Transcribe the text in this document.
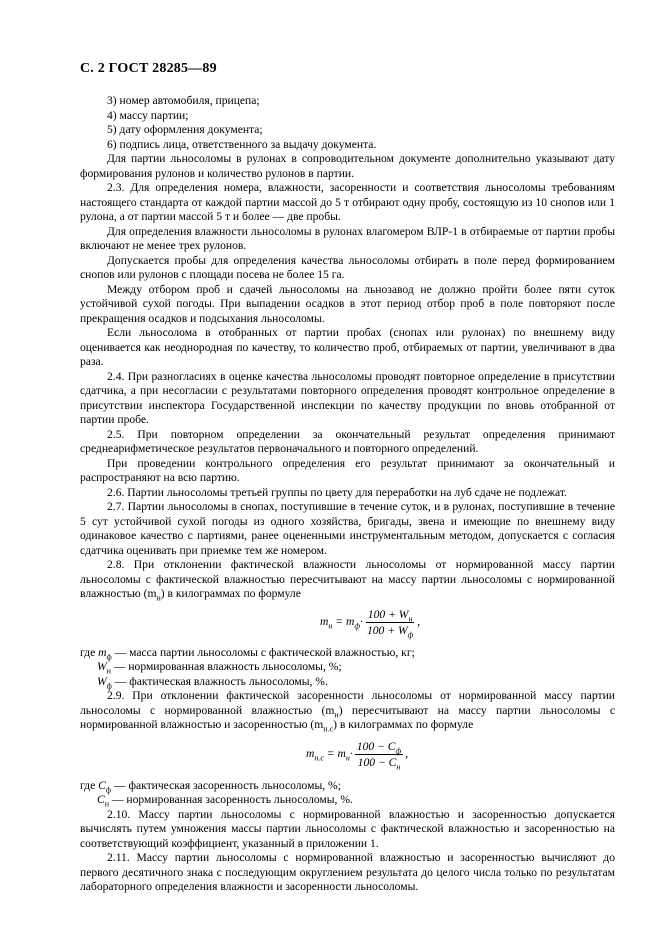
С. 2 ГОСТ 28285—89

3) номер автомобиля, прицепа;

4) массу партии;

5) дату оформления документа;

6) подпись лица, ответственного за выдачу документа.

Для партии льносоломы в рулонах в сопроводительном документе дополнительно указывают дату формирования рулонов и количество рулонов в партии.

2.3. Для определения номера, влажности, засоренности и соответствия льносоломы требованиям настоящего стандарта от каждой партии массой до 5 т отбирают одну пробу, состоящую из 10 снопов или 1 рулона, а от партии массой 5 т и более — две пробы.

Для определения влажности льносоломы в рулонах влагомером ВЛР-1 в отбираемые от партии пробы включают не менее трех рулонов.

Допускается пробы для определения качества льносоломы отбирать в поле перед формированием снопов или рулонов с площади посева не более 15 га.

Между отбором проб и сдачей льносоломы на льнозавод не должно пройти более пяти суток устойчивой сухой погоды. При выпадении осадков в этот период отбор проб в поле повторяют после прекращения осадков и подсыхания льносоломы.

Если льносолома в отобранных от партии пробах (снопах или рулонах) по внешнему виду оценивается как неоднородная по качеству, то количество проб, отбираемых от партии, увеличивают в два раза.

2.4. При разногласиях в оценке качества льносоломы проводят повторное определение в присутствии сдатчика, а при несогласии с результатами повторного определения проводят контрольное определение в присутствии инспектора Государственной инспекции по качеству продукции по вновь отобранной от партии пробе.

2.5. При повторном определении за окончательный результат определения принимают среднеарифметическое результатов первоначального и повторного определений.

При проведении контрольного определения его результат принимают за окончательный и распространяют на всю партию.

2.6. Партии льносоломы третьей группы по цвету для переработки на луб сдаче не подлежат.

2.7. Партии льносоломы в снопах, поступившие в течение суток, и в рулонах, поступившие в течение 5 сут устойчивой сухой погоды из одного хозяйства, бригады, звена и имеющие по внешнему виду одинаковое качество с партиями, ранее оцененными инструментальным методом, допускается с согласия сдатчика оценивать при приемке тем же номером.

2.8. При отклонении фактической влажности льносоломы от нормированной массу партии льносоломы с фактической влажностью пересчитывают на массу партии льносоломы с нормированной влажностью $(m_н)$ в килограммах по формуле

$m_н = m_ф\cdot \frac{100 + W_н}{100 + W_ф}$ ,

где $m_ф$ — масса партии льносоломы с фактической влажностью, кг;

$W_н$ — нормированная влажность льносоломы, %;

$W_ф$ — фактическая влажность льносоломы, %.

2.9. При отклонении фактической засоренности льносоломы от нормированной массу партии льносоломы с нормированной влажностью $(m_н)$ пересчитывают на массу партии льносоломы с нормированной влажностью и засоренностью $(m_{н.с})$ в килограммах по формуле

$m_{н.с} = m_н\cdot \frac{100 - C_ф}{100 - C_н}$ ,

где $C_ф$ — фактическая засоренность льносоломы, %;

$C_н$ — нормированная засоренность льносоломы, %.

2.10. Массу партии льносоломы с нормированной влажностью и засоренностью допускается вычислять путем умножения массы партии льносоломы с фактической влажностью и засоренностью на соответствующий коэффициент, указанный в приложении 1.

2.11. Массу партии льносоломы с нормированной влажностью и засоренностью вычисляют до первого десятичного знака с последующим округлением результата до целого числа только по результатам лабораторного определения влажности и засоренности льносоломы.
